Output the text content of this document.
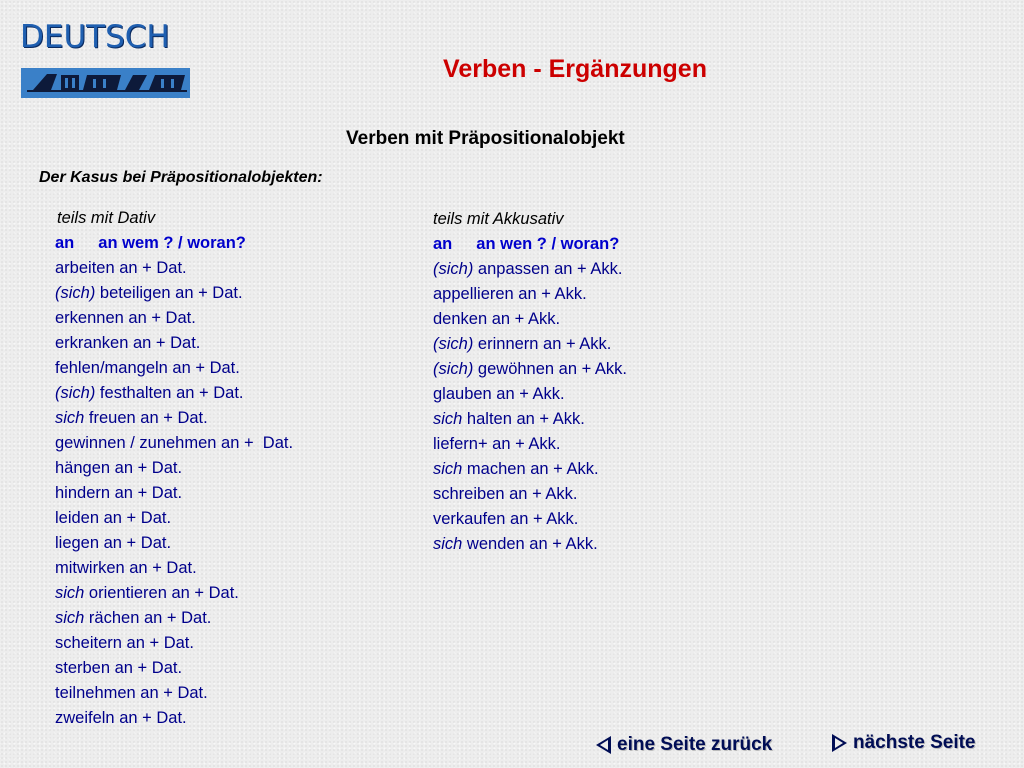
DEUTSCH
Verben - Ergänzungen
Verben mit Präpositionalobjekt
Der Kasus bei Präpositionalobjekten:
teils mit Dativ
an an wem ? / woran?
arbeiten an + Dat.
(sich) beteiligen an + Dat.
erkennen an + Dat.
erkranken an + Dat.
fehlen/mangeln an + Dat.
(sich) festhalten an + Dat.
sich freuen an + Dat.
gewinnen / zunehmen an +  Dat.
hängen an + Dat.
hindern an + Dat.
leiden an + Dat.
liegen an + Dat.
mitwirken an + Dat.
sich orientieren an + Dat.
sich rächen an + Dat.
scheitern an + Dat.
sterben an + Dat.
teilnehmen an + Dat.
zweifeln an + Dat.
teils mit Akkusativ
an an wen ? / woran?
(sich) anpassen an + Akk.
appellieren an + Akk.
denken an + Akk.
(sich) erinnern an + Akk.
(sich) gewöhnen an + Akk.
glauben an + Akk.
sich halten an + Akk.
liefern+ an + Akk.
sich machen an + Akk.
schreiben an + Akk.
verkaufen an + Akk.
sich wenden an + Akk.
eine Seite zurück	nächste Seite
